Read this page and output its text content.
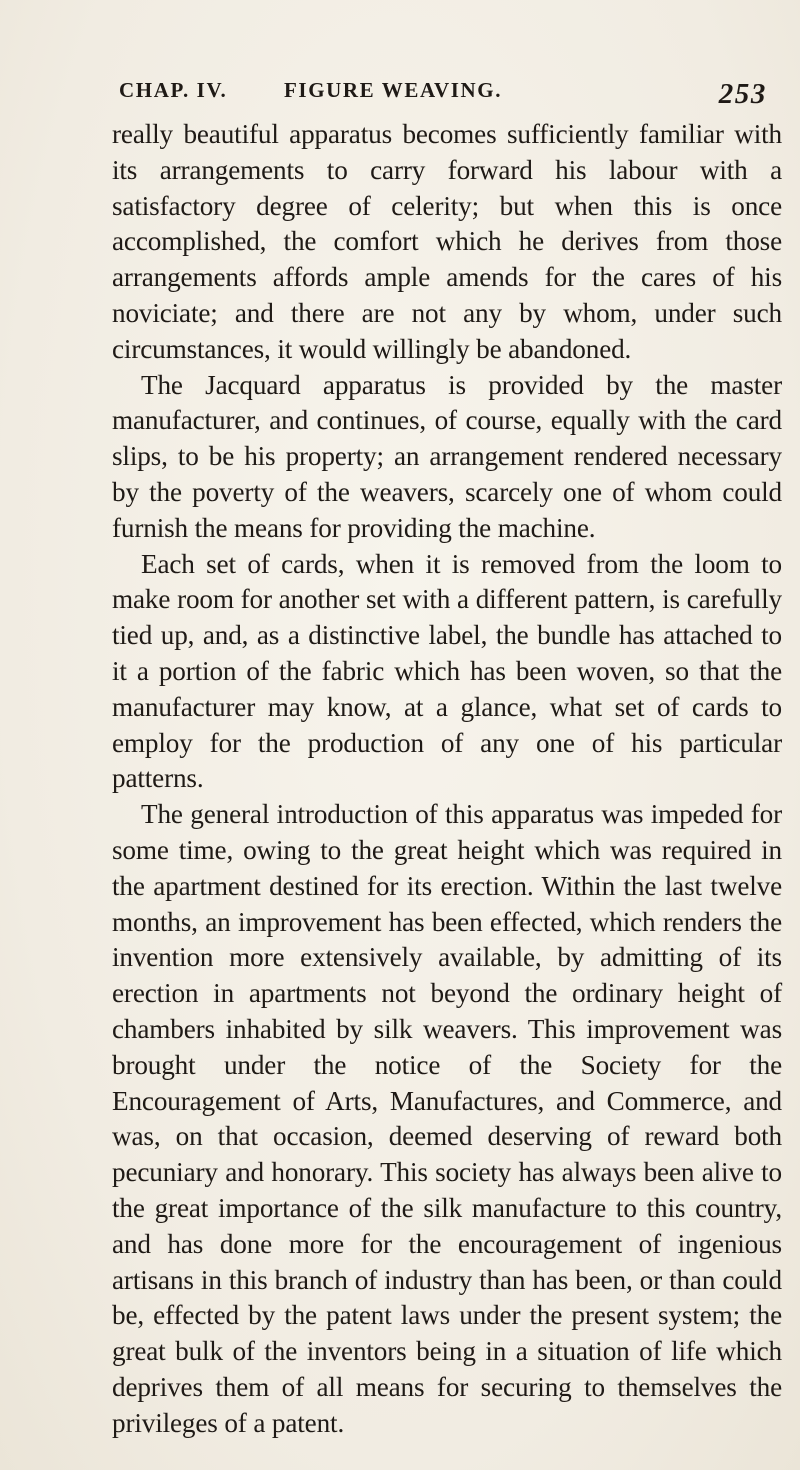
CHAP. IV.	FIGURE WEAVING.	253

really beautiful apparatus becomes sufficiently familiar with its arrangements to carry forward his labour with a satisfactory degree of celerity; but when this is once accomplished, the comfort which he derives from those arrangements affords ample amends for the cares of his noviciate; and there are not any by whom, under such circumstances, it would willingly be abandoned.

The Jacquard apparatus is provided by the master manufacturer, and continues, of course, equally with the card slips, to be his property; an arrangement rendered necessary by the poverty of the weavers, scarcely one of whom could furnish the means for providing the machine.

Each set of cards, when it is removed from the loom to make room for another set with a different pattern, is carefully tied up, and, as a distinctive label, the bundle has attached to it a portion of the fabric which has been woven, so that the manufacturer may know, at a glance, what set of cards to employ for the production of any one of his particular patterns.

The general introduction of this apparatus was impeded for some time, owing to the great height which was required in the apartment destined for its erection. Within the last twelve months, an improvement has been effected, which renders the invention more extensively available, by admitting of its erection in apartments not beyond the ordinary height of chambers inhabited by silk weavers. This improvement was brought under the notice of the Society for the Encouragement of Arts, Manufactures, and Commerce, and was, on that occasion, deemed deserving of reward both pecuniary and honorary. This society has always been alive to the great importance of the silk manufacture to this country, and has done more for the encouragement of ingenious artisans in this branch of industry than has been, or than could be, effected by the patent laws under the present system; the great bulk of the inventors being in a situation of life which deprives them of all means for securing to themselves the privileges of a patent.
